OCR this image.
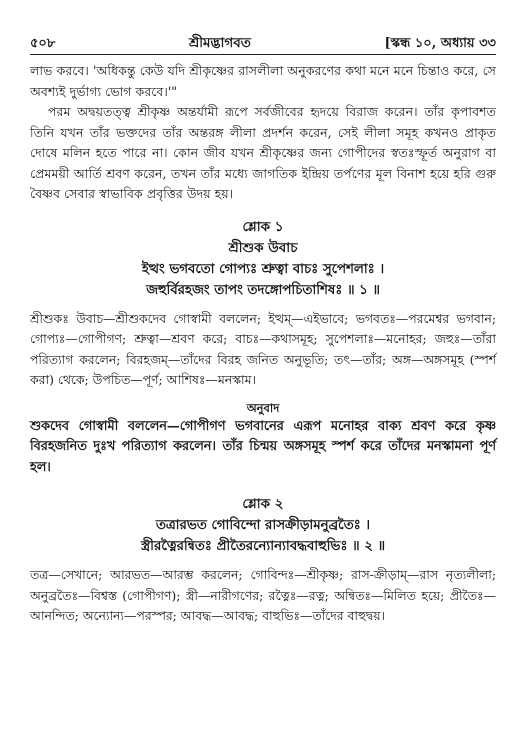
৫০৮	শ্রীমদ্ভাগবত	[স্কন্ধ ১০, অধ্যায় ৩৩

লাভ করবে। 'অধিকন্তু কেউ যদি শ্রীকৃষ্ণের রাসলীলা অনুকরণের কথা মনে মনে চিন্তাও করে, সে অবশ্যই দুর্ভাগ্য ভোগ করবে।'"

পরম অদ্বয়তত্ত্ব শ্রীকৃষ্ণ অন্তর্যামী রূপে সর্বজীবের হৃদয়ে বিরাজ করেন। তাঁর কৃপাবশত তিনি যখন তাঁর ভক্তদের তাঁর অন্তরঙ্গ লীলা প্রদর্শন করেন, সেই লীলা সমূহ কখনও প্রাকৃত দোষে মলিন হতে পারে না। কোন জীব যখন শ্রীকৃষ্ণের জন্য গোপীদের স্বতঃস্ফূর্ত অনুরাগ বা প্রেমময়ী আর্তি শ্রবণ করেন, তখন তাঁর মধ্যে জাগতিক ইন্দ্রিয় তর্পণের মূল বিনাশ হয়ে হরি গুরু বৈষ্ণব সেবার স্বাভাবিক প্রবৃত্তির উদয় হয়।

শ্লোক ১
শ্রীশুক উবাচ
ইত্থং ভগবতো গোপ্যঃ শ্রুত্বা বাচঃ সুপেশলাঃ ।
জহুর্বিরহজং তাপং তদঙ্গোপচিতাশিষঃ ॥ ১ ॥

শ্রীশুকঃ উবাচ—শ্রীশুকদেব গোস্বামী বললেন; ইত্থম্—এইভাবে; ভগবতঃ—পরমেশ্বর ভগবান; গোপ্যঃ—গোপীগণ; শ্রুত্বা—শ্রবণ করে; বাচঃ—কথাসমূহ; সুপেশলাঃ—মনোহর; জহুঃ—তাঁরা পরিত্যাগ করলেন; বিরহজম্—তাঁদের বিরহ জনিত অনুভূতি; তৎ—তাঁর; অঙ্গ—অঙ্গসমূহ (স্পর্শ করা) থেকে; উপচিত—পূর্ণ; আশিষঃ—মনস্কাম।

অনুবাদ

শুকদেব গোস্বামী বললেন—গোপীগণ ভগবানের এরূপ মনোহর বাক্য শ্রবণ করে কৃষ্ণ বিরহজনিত দুঃখ পরিত্যাগ করলেন। তাঁর চিন্ময় অঙ্গসমূহ স্পর্শ করে তাঁদের মনস্কামনা পূর্ণ হল।

শ্লোক ২
তত্রারভত গোবিন্দো রাসক্রীড়ামনুব্রতৈঃ ।
স্ত্রীরত্নৈরন্বিতঃ প্রীতৈরন্যোন্যাবদ্ধবাহুভিঃ ॥ ২ ॥

তত্র—সেখানে; আরভত—আরম্ভ করলেন; গোবিন্দঃ—শ্রীকৃষ্ণ; রাস-ক্রীড়াম্—রাস নৃত্যলীলা; অনুব্রতৈঃ—বিশ্বস্ত (গোপীগণ); স্ত্রী—নারীগণের; রত্নৈঃ—রত্ন; অন্বিতঃ—মিলিত হয়ে; প্রীতৈঃ—আনন্দিত; অন্যোন্য—পরস্পর; আবদ্ধ—আবদ্ধ; বাহুভিঃ—তাঁদের বাহুদ্বয়।
